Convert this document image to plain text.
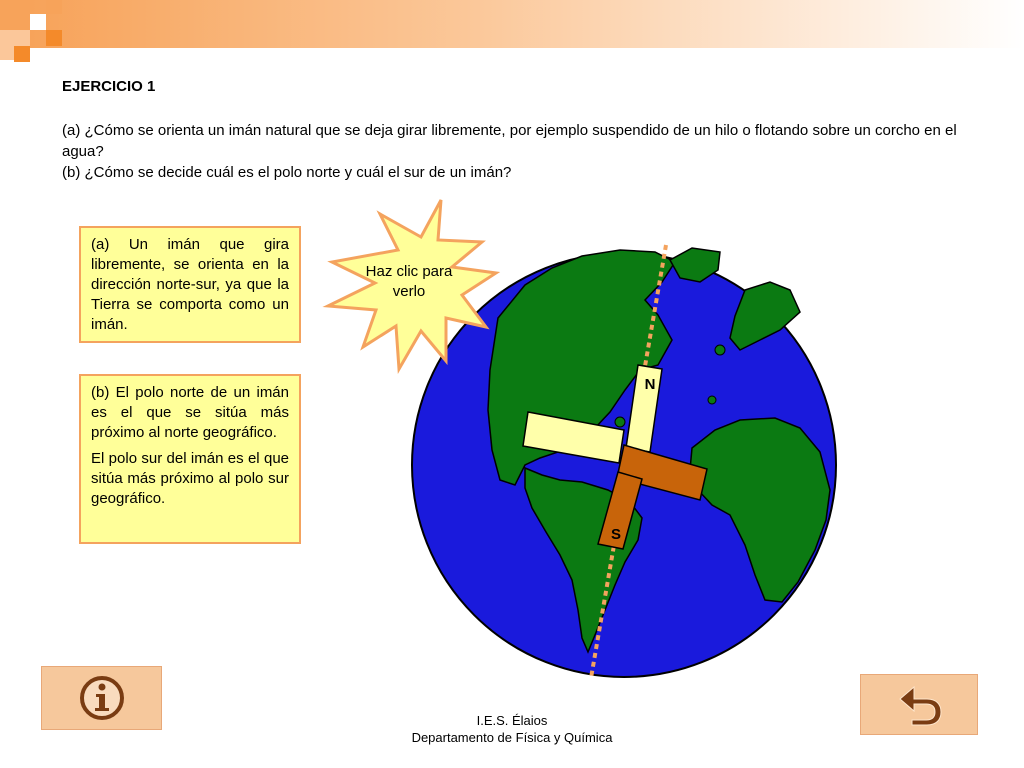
EJERCICIO 1

(a) ¿Cómo se orienta un imán natural que se deja girar libremente, por ejemplo suspendido de un hilo o flotando sobre un corcho en el agua?

(b) ¿Cómo se decide cuál es el polo norte y cuál el sur de un imán?

(a) Un imán que gira libremente, se orienta en la dirección norte-sur, ya que la Tierra se comporta como un imán.

(b) El polo norte de un imán es el que se sitúa más próximo al norte geográfico.

El polo sur del imán es el que sitúa más próximo al polo sur geográfico.

N
S
Haz clic para
verlo
I.E.S. Élaios
Departamento de Física y Química
